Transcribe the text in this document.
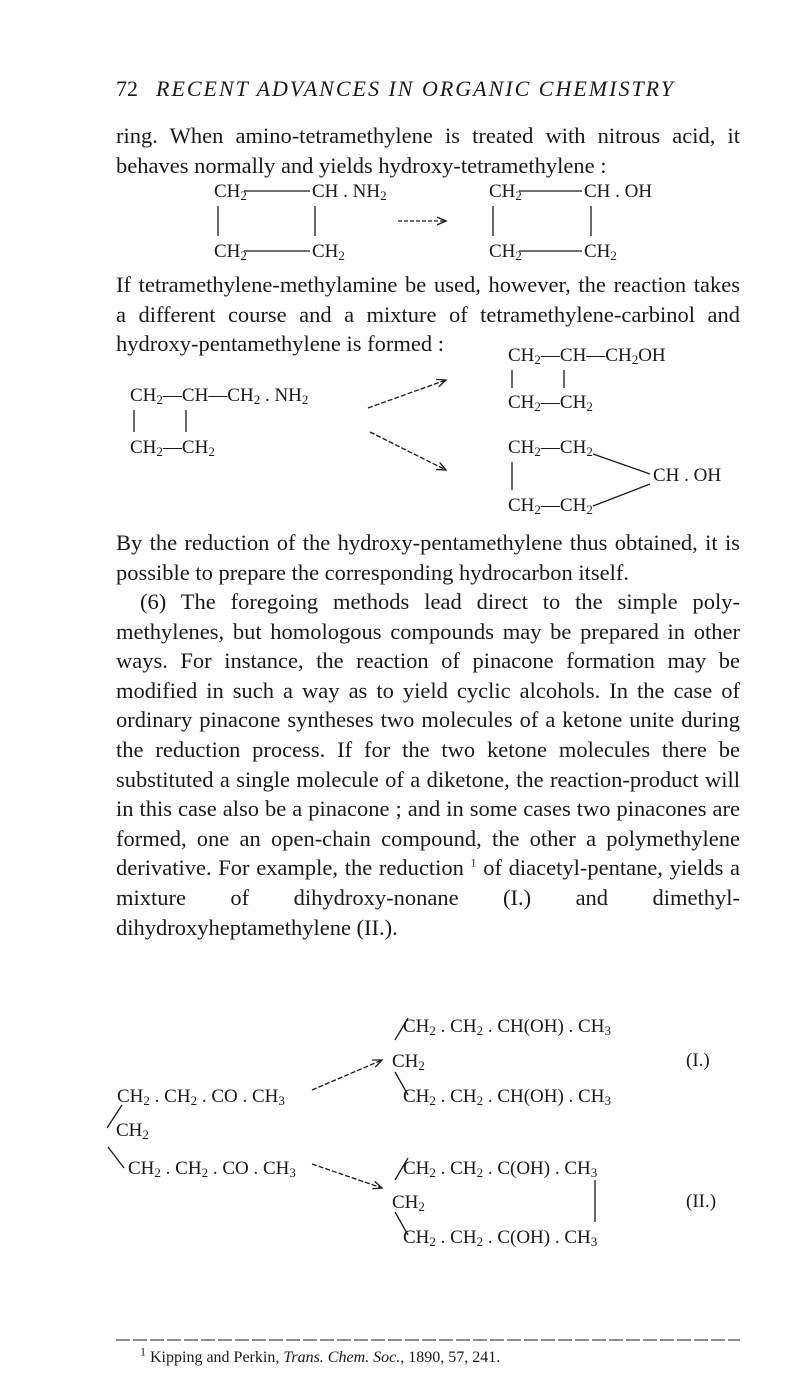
72 RECENT ADVANCES IN ORGANIC CHEMISTRY

ring. When amino-tetramethylene is treated with nitrous acid, it behaves normally and yields hydroxy-tetramethylene :

$CH_2$	CH . $NH_2$
$CH_2$	$CH_2$
$CH_2$	CH . OH
$CH_2$	$CH_2$

If tetramethylene-methylamine be used, however, the reaction takes a different course and a mixture of tetramethylene-carbinol and hydroxy-pentamethylene is formed :

$CH_2—CH—CH_2$ . $NH_2$
$CH_2—CH_2$
$CH_2—CH—CH_2OH$
$CH_2—CH_2$
$CH_2—CH_2$
CH . OH
$CH_2—CH_2$

By the reduction of the hydroxy-pentamethylene thus obtained, it is possible to prepare the corresponding hydrocarbon itself.

(6) The foregoing methods lead direct to the simple poly-methylenes, but homologous compounds may be prepared in other ways. For instance, the reaction of pinacone formation may be modified in such a way as to yield cyclic alcohols. In the case of ordinary pinacone syntheses two molecules of a ketone unite during the reduction process. If for the two ketone molecules there be substituted a single molecule of a diketone, the reaction-product will in this case also be a pinacone ; and in some cases two pinacones are formed, one an open-chain compound, the other a polymethylene derivative. For example, the reduction $^1$ of diacetyl-pentane, yields a mixture of dihydroxy-nonane (I.) and dimethyl-dihydroxyheptamethylene (II.).

$CH_2$ . $CH_2$ . CO . $CH_3$
$CH_2$
$CH_2$ . $CH_2$ . CO . $CH_3$
$CH_2$ . $CH_2$ . CH(OH) . $CH_3$
$CH_2$
$CH_2$ . $CH_2$ . CH(OH) . $CH_3$
$CH_2$ . $CH_2$ . C(OH) . $CH_3$
$CH_2$
$CH_2$ . $CH_2$ . C(OH) . $CH_3$
(I.)
(II.)
$^1$ Kipping and Perkin, Trans. Chem. Soc., 1890, 57, 241.
